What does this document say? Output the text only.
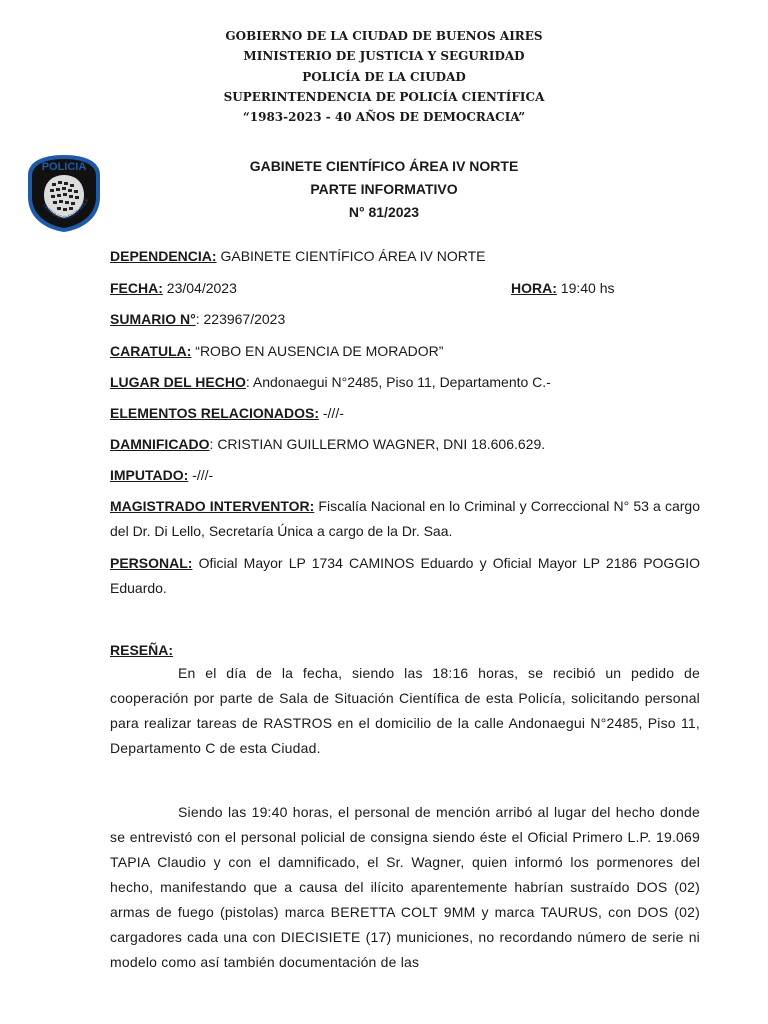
GOBIERNO DE LA CIUDAD DE BUENOS AIRES
MINISTERIO DE JUSTICIA Y SEGURIDAD
POLICÍA DE LA CIUDAD
SUPERINTENDENCIA DE POLICÍA CIENTÍFICA
“1983-2023 - 40 AÑOS DE DEMOCRACIA”
POLICIA
CIUDAD DE BUENOS AIRES
GABINETE CIENTÍFICO ÁREA IV NORTE
PARTE INFORMATIVO
N° 81/2023
DEPENDENCIA: GABINETE CIENTÍFICO ÁREA IV NORTE
FECHA: 23/04/2023	HORA: 19:40 hs
SUMARIO N°: 223967/2023
CARATULA: “ROBO EN AUSENCIA DE MORADOR”
LUGAR DEL HECHO: Andonaegui N°2485, Piso 11, Departamento C.-
ELEMENTOS RELACIONADOS: -///-
DAMNIFICADO: CRISTIAN GUILLERMO WAGNER, DNI 18.606.629.
IMPUTADO: -///-
MAGISTRADO INTERVENTOR: Fiscalía Nacional en lo Criminal y Correccional N° 53 a cargo del Dr. Di Lello, Secretaría Única a cargo de la Dr. Saa.
PERSONAL: Oficial Mayor LP 1734 CAMINOS Eduardo y Oficial Mayor LP 2186 POGGIO Eduardo.
RESEÑA:
En el día de la fecha, siendo las 18:16 horas, se recibió un pedido de cooperación por parte de Sala de Situación Científica de esta Policía, solicitando personal para realizar tareas de RASTROS en el domicilio de la calle Andonaegui N°2485, Piso 11, Departamento C de esta Ciudad.
Siendo las 19:40 horas, el personal de mención arribó al lugar del hecho donde se entrevistó con el personal policial de consigna siendo éste el Oficial Primero L.P. 19.069 TAPIA Claudio y con el damnificado, el Sr. Wagner, quien informó los pormenores del hecho, manifestando que a causa del ilícito aparentemente habrían sustraído DOS (02) armas de fuego (pistolas) marca BERETTA COLT 9MM y marca TAURUS, con DOS (02) cargadores cada una con DIECISIETE (17) municiones, no recordando número de serie ni modelo como así también documentación de las
